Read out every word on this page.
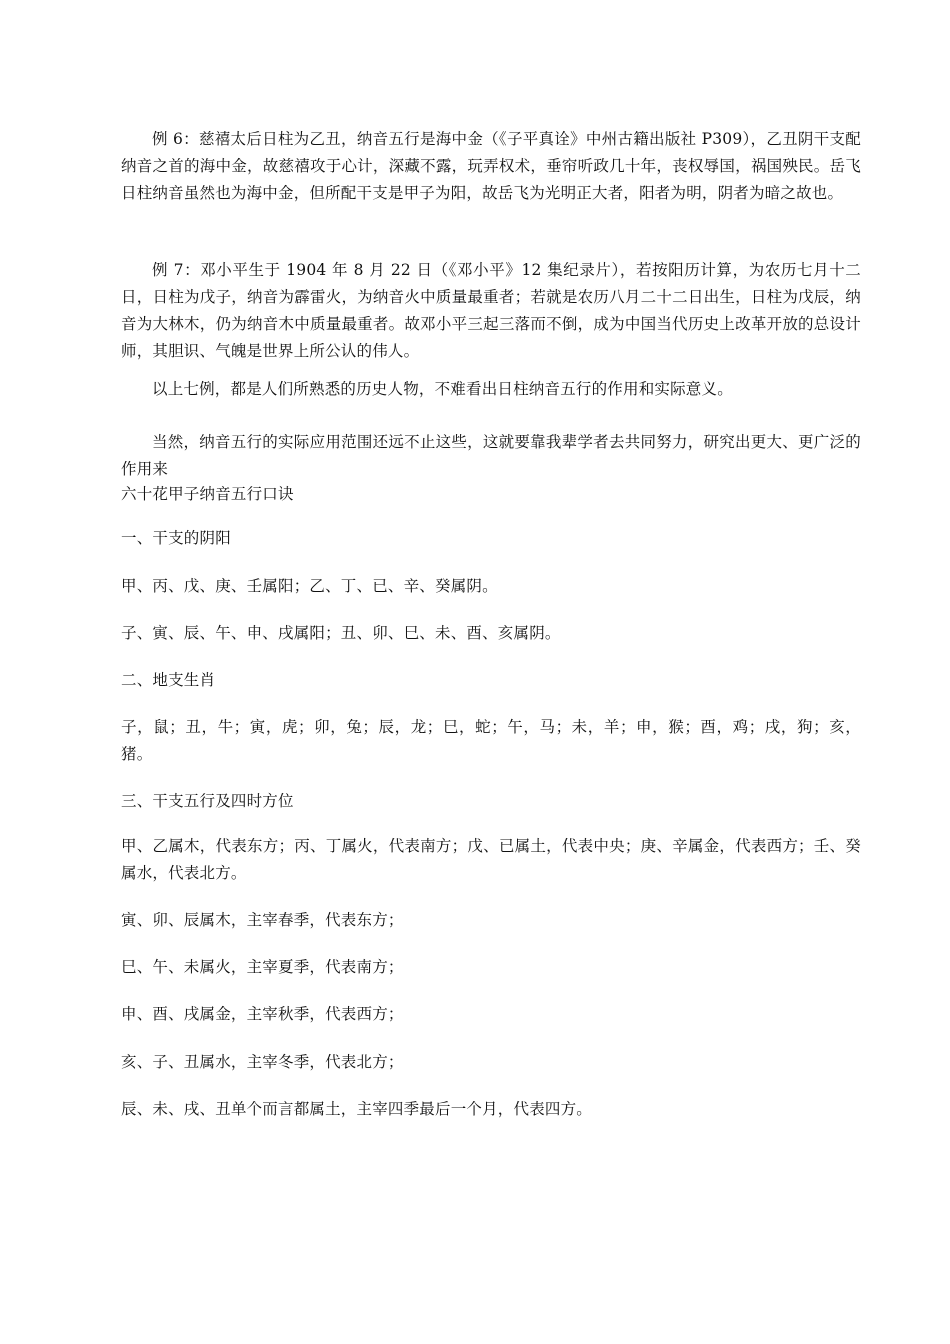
例 6：慈禧太后日柱为乙丑，纳音五行是海中金（《子平真诠》中州古籍出版社 P309），乙丑阴干支配纳音之首的海中金，故慈禧攻于心计，深藏不露，玩弄权术，垂帘听政几十年，丧权辱国，祸国殃民。岳飞日柱纳音虽然也为海中金，但所配干支是甲子为阳，故岳飞为光明正大者，阳者为明，阴者为暗之故也。

例 7：邓小平生于 1904 年 8 月 22 日（《邓小平》12 集纪录片），若按阳历计算，为农历七月十二日，日柱为戊子，纳音为霹雷火，为纳音火中质量最重者；若就是农历八月二十二日出生，日柱为戊辰，纳音为大林木，仍为纳音木中质量最重者。故邓小平三起三落而不倒，成为中国当代历史上改革开放的总设计师，其胆识、气魄是世界上所公认的伟人。

以上七例，都是人们所熟悉的历史人物，不难看出日柱纳音五行的作用和实际意义。

当然，纳音五行的实际应用范围还远不止这些，这就要靠我辈学者去共同努力，研究出更大、更广泛的作用来

六十花甲子纳音五行口诀

一、干支的阴阳

甲、丙、戊、庚、壬属阳；乙、丁、已、辛、癸属阴。

子、寅、辰、午、申、戌属阳；丑、卯、巳、未、酉、亥属阴。

二、地支生肖

子，鼠；丑，牛；寅，虎；卯，兔；辰，龙；巳，蛇；午，马；未，羊；申，猴；酉，鸡；戌，狗；亥，猪。

三、干支五行及四时方位

甲、乙属木，代表东方；丙、丁属火，代表南方；戊、已属土，代表中央；庚、辛属金，代表西方；壬、癸属水，代表北方。

寅、卯、辰属木，主宰春季，代表东方；

巳、午、未属火，主宰夏季，代表南方；

申、酉、戌属金，主宰秋季，代表西方；

亥、子、丑属水，主宰冬季，代表北方；

辰、未、戌、丑单个而言都属土，主宰四季最后一个月，代表四方。
